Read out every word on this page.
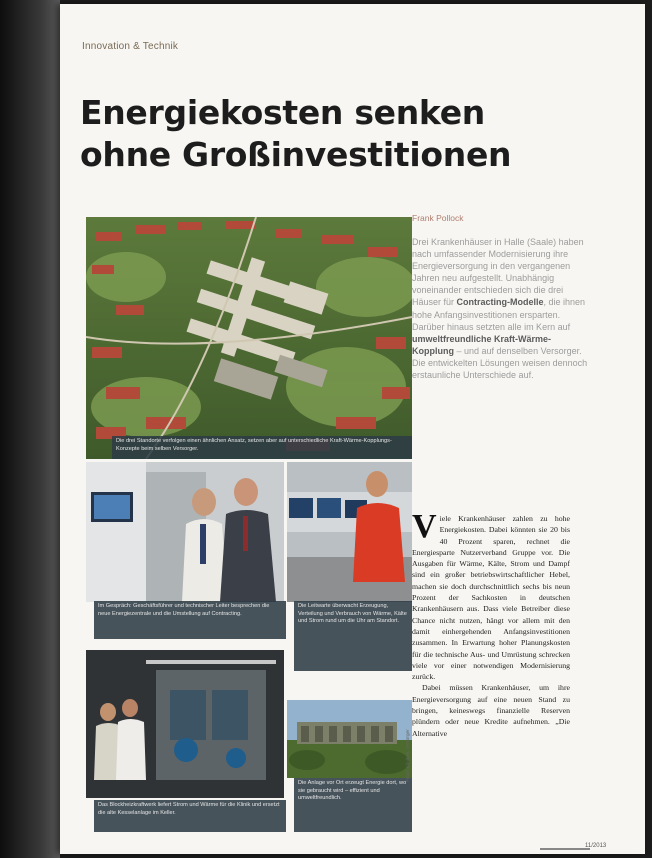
Innovation & Technik
Energiekosten senken
ohne Großinvestitionen
Die drei Standorte verfolgen einen ähnlichen Ansatz, setzen aber auf unterschiedliche Kraft-Wärme-Kopplungs-Konzepte beim selben Versorger.
Im Gespräch: Geschäftsführer und technischer Leiter besprechen die neue Energiezentrale und die Umstellung auf Contracting.
Die Leitwarte überwacht Erzeugung, Verteilung und Verbrauch von Wärme, Kälte und Strom rund um die Uhr am Standort.
Das Blockheizkraftwerk liefert Strom und Wärme für die Klinik und ersetzt die alte Kesselanlage im Keller.
Die Anlage vor Ort erzeugt Energie dort, wo sie gebraucht wird – effizient und umweltfreundlich.
Fotos: Kliniken, Versorger
Frank Pollock
Drei Krankenhäuser in Halle (Saale) haben nach umfassender Modernisierung ihre Energieversorgung in den vergangenen Jahren neu aufgestellt. Unabhängig voneinander entschieden sich die drei Häuser für Contracting-Modelle, die ihnen hohe Anfangsinvestitionen ersparten. Darüber hinaus setzten alle im Kern auf umweltfreundliche Kraft-Wärme-Kopplung – und auf denselben Versorger. Die entwickelten Lösungen weisen dennoch erstaunliche Unterschiede auf.
Viele Krankenhäuser zahlen zu hohe Energiekosten. Dabei könnten sie 20 bis 40 Prozent sparen, rechnet die Energiesparte Nutzerverband Gruppe vor. Die Ausgaben für Wärme, Kälte, Strom und Dampf sind ein großer betriebswirtschaftlicher Hebel, machen sie doch durchschnittlich sechs bis neun Prozent der Sachkosten in deutschen Krankenhäusern aus. Dass viele Betreiber diese Chance nicht nutzen, hängt vor allem mit den damit einhergehenden Anfangsinvestitionen zusammen. In Erwartung hoher Planungskosten für die technische Aus- und Umrüstung schrecken viele vor einer notwendigen Modernisierung zurück.
Dabei müssen Krankenhäuser, um ihre Energieversorgung auf eine neuen Stand zu bringen, keineswegs finanzielle Reserven plündern oder neue Kredite aufnehmen. „Die Alternative
11/2013
